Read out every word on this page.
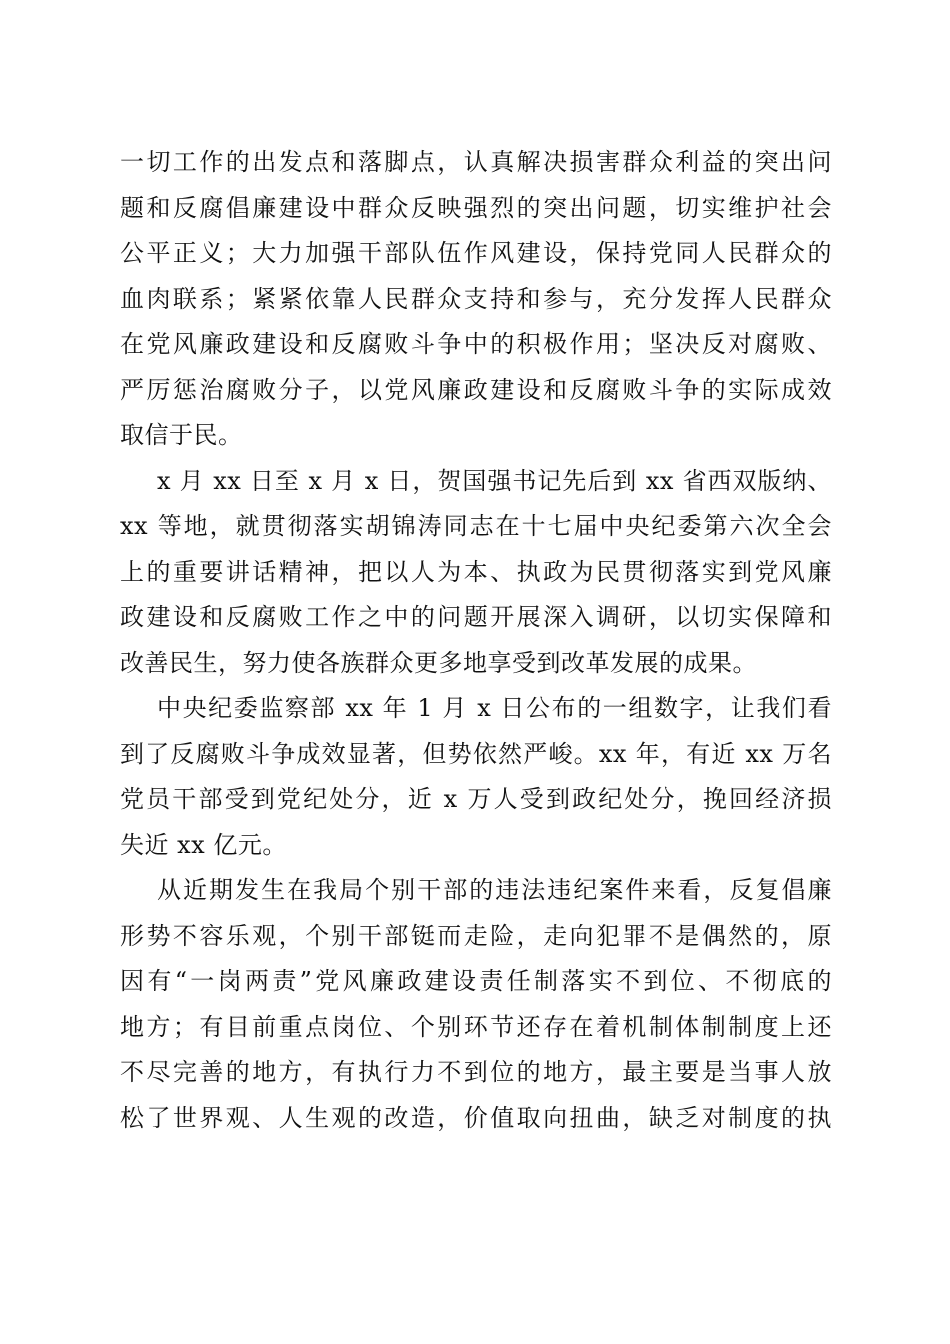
一切工作的出发点和落脚点，认真解决损害群众利益的突出问
题和反腐倡廉建设中群众反映强烈的突出问题，切实维护社会
公平正义；大力加强干部队伍作风建设，保持党同人民群众的
血肉联系；紧紧依靠人民群众支持和参与，充分发挥人民群众
在党风廉政建设和反腐败斗争中的积极作用；坚决反对腐败、
严厉惩治腐败分子，以党风廉政建设和反腐败斗争的实际成效
取信于民。
x 月 xx 日至 x 月 x 日，贺国强书记先后到 xx 省西双版纳、
xx 等地，就贯彻落实胡锦涛同志在十七届中央纪委第六次全会
上的重要讲话精神，把以人为本、执政为民贯彻落实到党风廉
政建设和反腐败工作之中的问题开展深入调研，以切实保障和
改善民生，努力使各族群众更多地享受到改革发展的成果。
中央纪委监察部 xx 年 1 月 x 日公布的一组数字，让我们看
到了反腐败斗争成效显著，但势依然严峻。xx 年，有近 xx 万名
党员干部受到党纪处分，近 x 万人受到政纪处分，挽回经济损
失近 xx 亿元。
从近期发生在我局个别干部的违法违纪案件来看，反复倡廉
形势不容乐观，个别干部铤而走险，走向犯罪不是偶然的，原
因有“一岗两责”党风廉政建设责任制落实不到位、不彻底的
地方；有目前重点岗位、个别环节还存在着机制体制制度上还
不尽完善的地方，有执行力不到位的地方，最主要是当事人放
松了世界观、人生观的改造，价值取向扭曲，缺乏对制度的执
